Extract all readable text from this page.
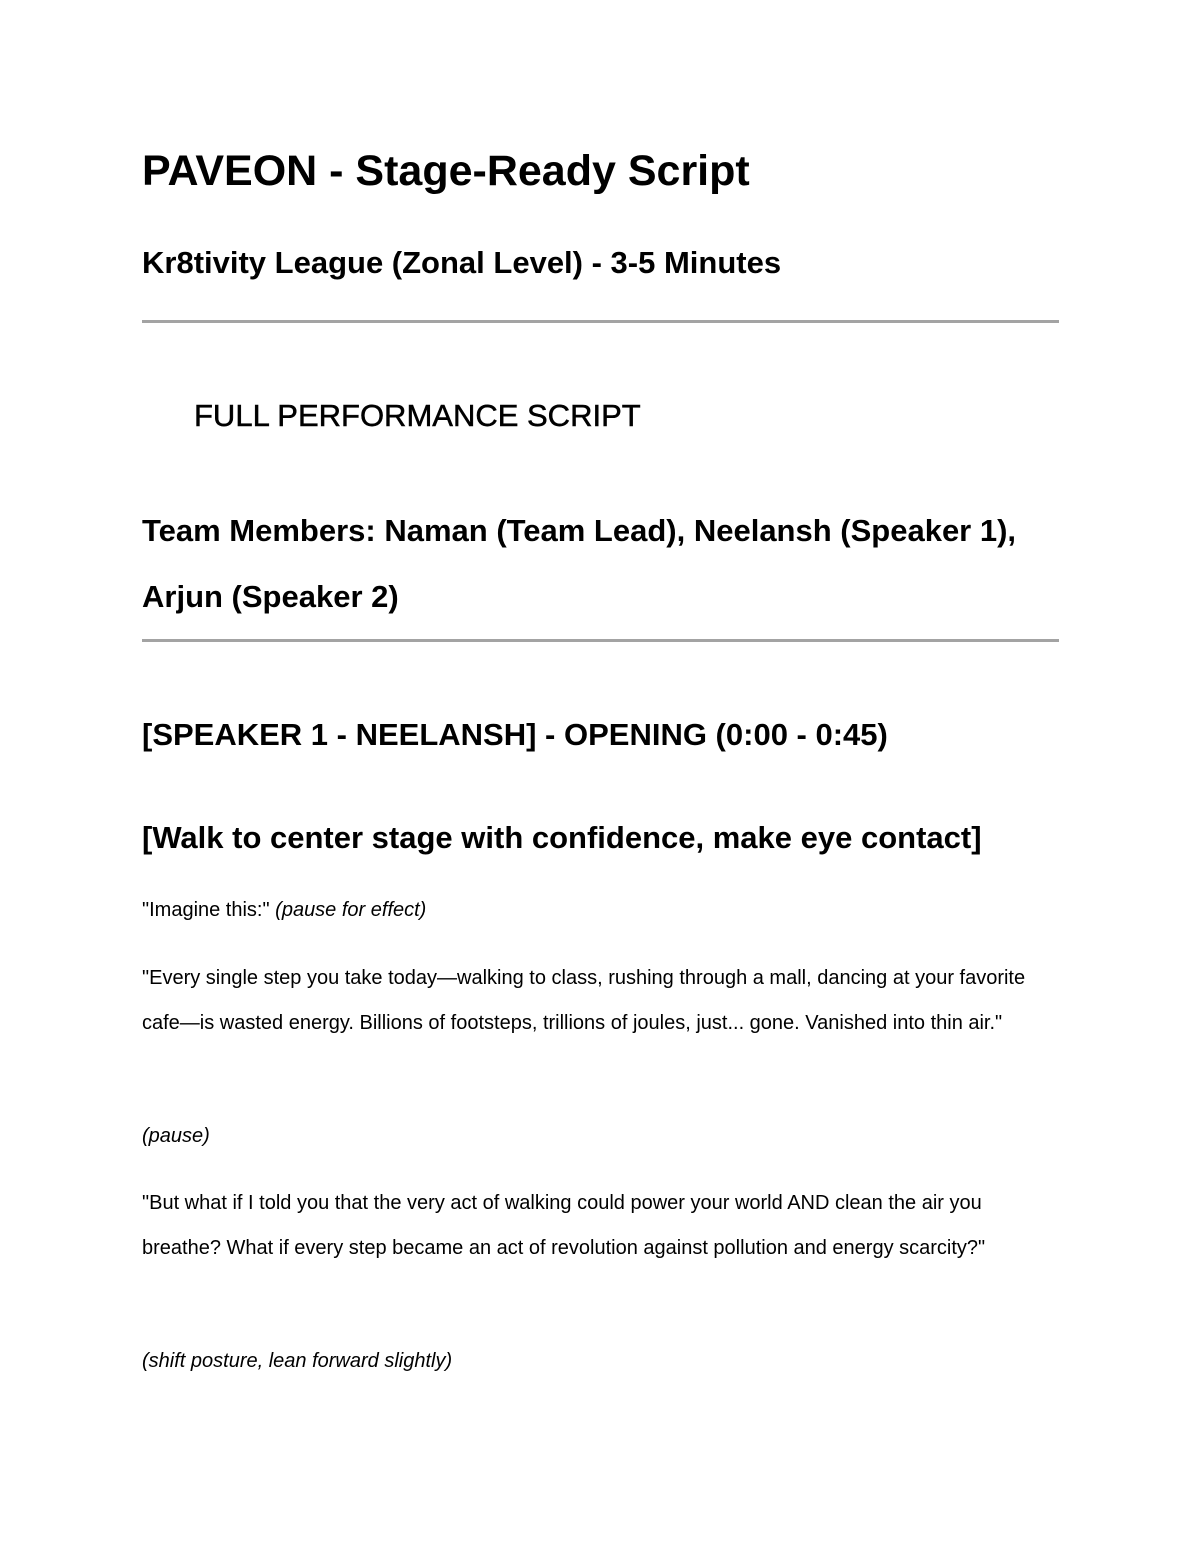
PAVEON - Stage-Ready Script
Kr8tivity League (Zonal Level) - 3-5 Minutes
FULL PERFORMANCE SCRIPT
Team Members: Naman (Team Lead), Neelansh (Speaker 1), Arjun (Speaker 2)
[SPEAKER 1 - NEELANSH] - OPENING (0:00 - 0:45)
[Walk to center stage with confidence, make eye contact]

"Imagine this:" (pause for effect)

"Every single step you take today—walking to class, rushing through a mall, dancing at your favorite cafe—is wasted energy. Billions of footsteps, trillions of joules, just... gone. Vanished into thin air."

(pause)

"But what if I told you that the very act of walking could power your world AND clean the air you breathe? What if every step became an act of revolution against pollution and energy scarcity?"

(shift posture, lean forward slightly)
